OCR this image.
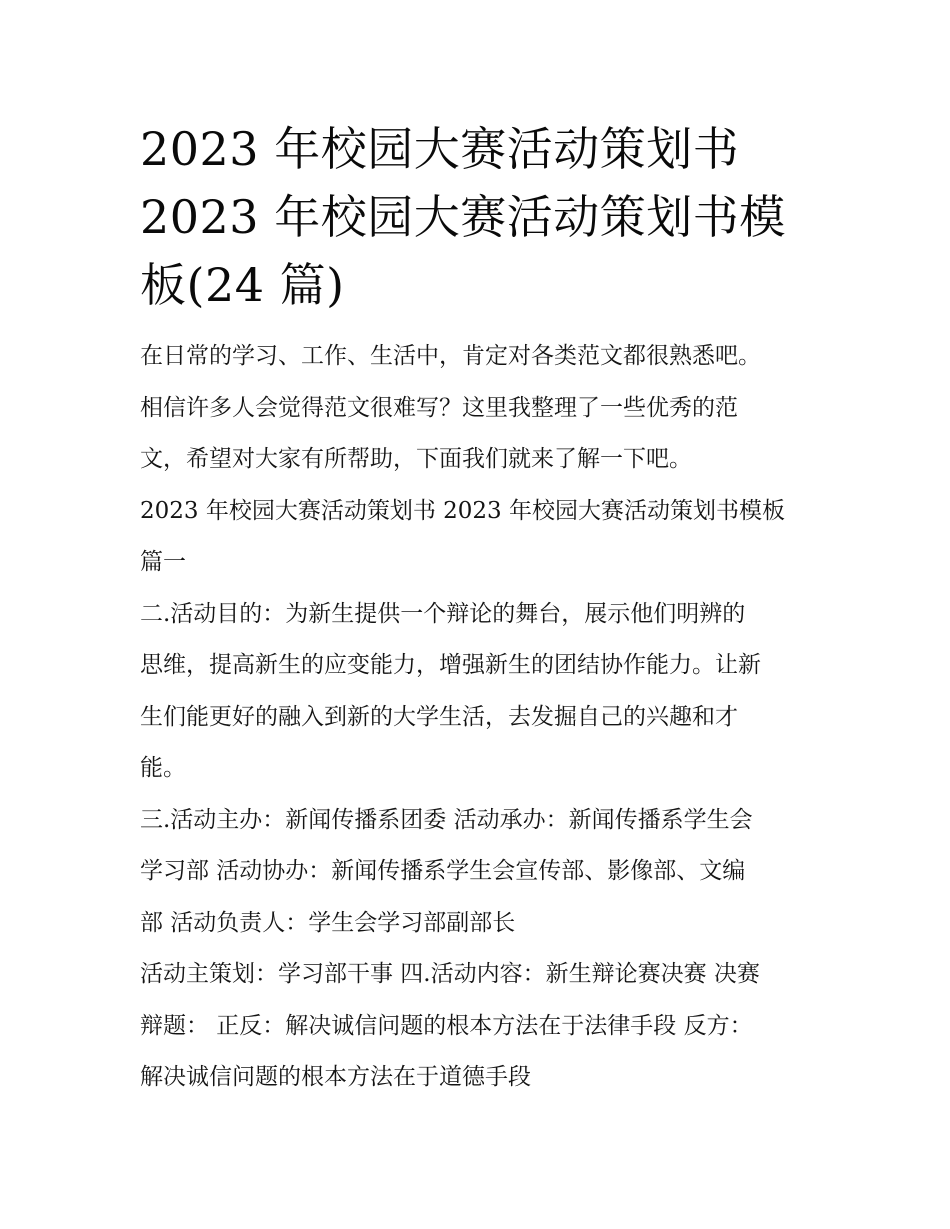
2023 年校园大赛活动策划书
2023 年校园大赛活动策划书模
板(24 篇)

在日常的学习、工作、生活中，肯定对各类范文都很熟悉吧。
相信许多人会觉得范文很难写？这里我整理了一些优秀的范
文，希望对大家有所帮助，下面我们就来了解一下吧。

2023 年校园大赛活动策划书 2023 年校园大赛活动策划书模板
篇一

二.活动目的：为新生提供一个辩论的舞台，展示他们明辨的
思维，提高新生的应变能力，增强新生的团结协作能力。让新
生们能更好的融入到新的大学生活，去发掘自己的兴趣和才
能。

三.活动主办：新闻传播系团委 活动承办：新闻传播系学生会
学习部 活动协办：新闻传播系学生会宣传部、影像部、文编
部 活动负责人：学生会学习部副部长

活动主策划：学习部干事 四.活动内容：新生辩论赛决赛 决赛
辩题： 正反：解决诚信问题的根本方法在于法律手段 反方：
解决诚信问题的根本方法在于道德手段
